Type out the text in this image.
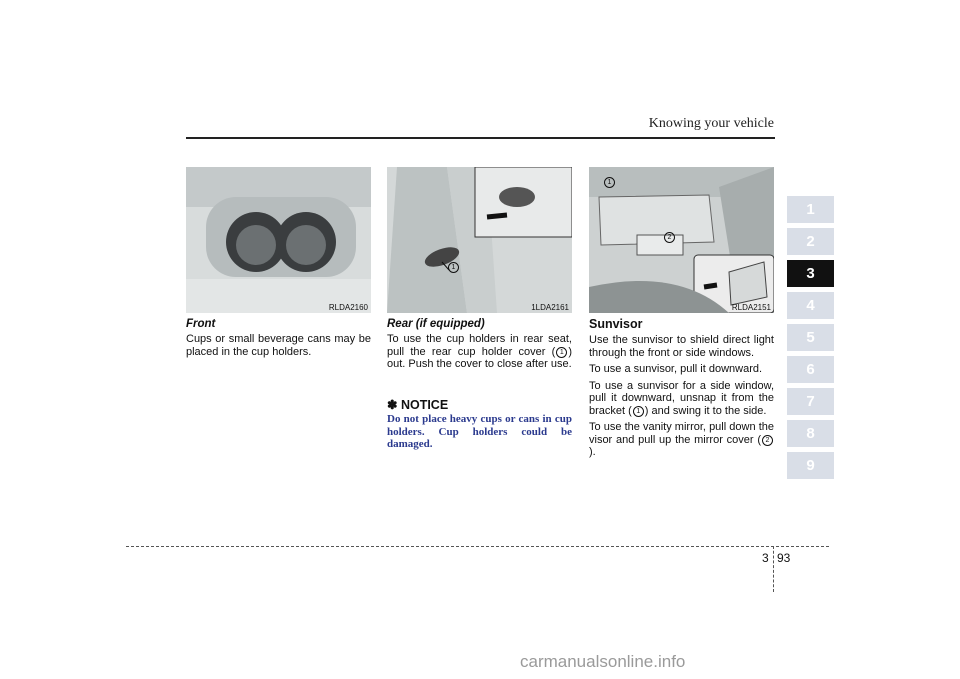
Knowing your vehicle
RLDA2160
Front
Cups or small beverage cans may be placed in the cup holders.
1
1LDA2161
Rear (if equipped)
To use the cup holders in rear seat, pull the rear cup holder cover ( 1 ) out. Push the cover to close after use.
✽ NOTICE
Do not place heavy cups or cans in cup holders. Cup holders could be damaged.
1
2
RLDA2151
Sunvisor

Use the sunvisor to shield direct light through the front or side windows.

To use a sunvisor, pull it downward.

To use a sunvisor for a side window, pull it downward, unsnap it from the bracket ( 1 ) and swing it to the side.

To use the vanity mirror, pull down the visor and pull up the mirror cover ( 2).

1
2
3
4
5
6
7
8
9
3 93
carmanualsonline.info
